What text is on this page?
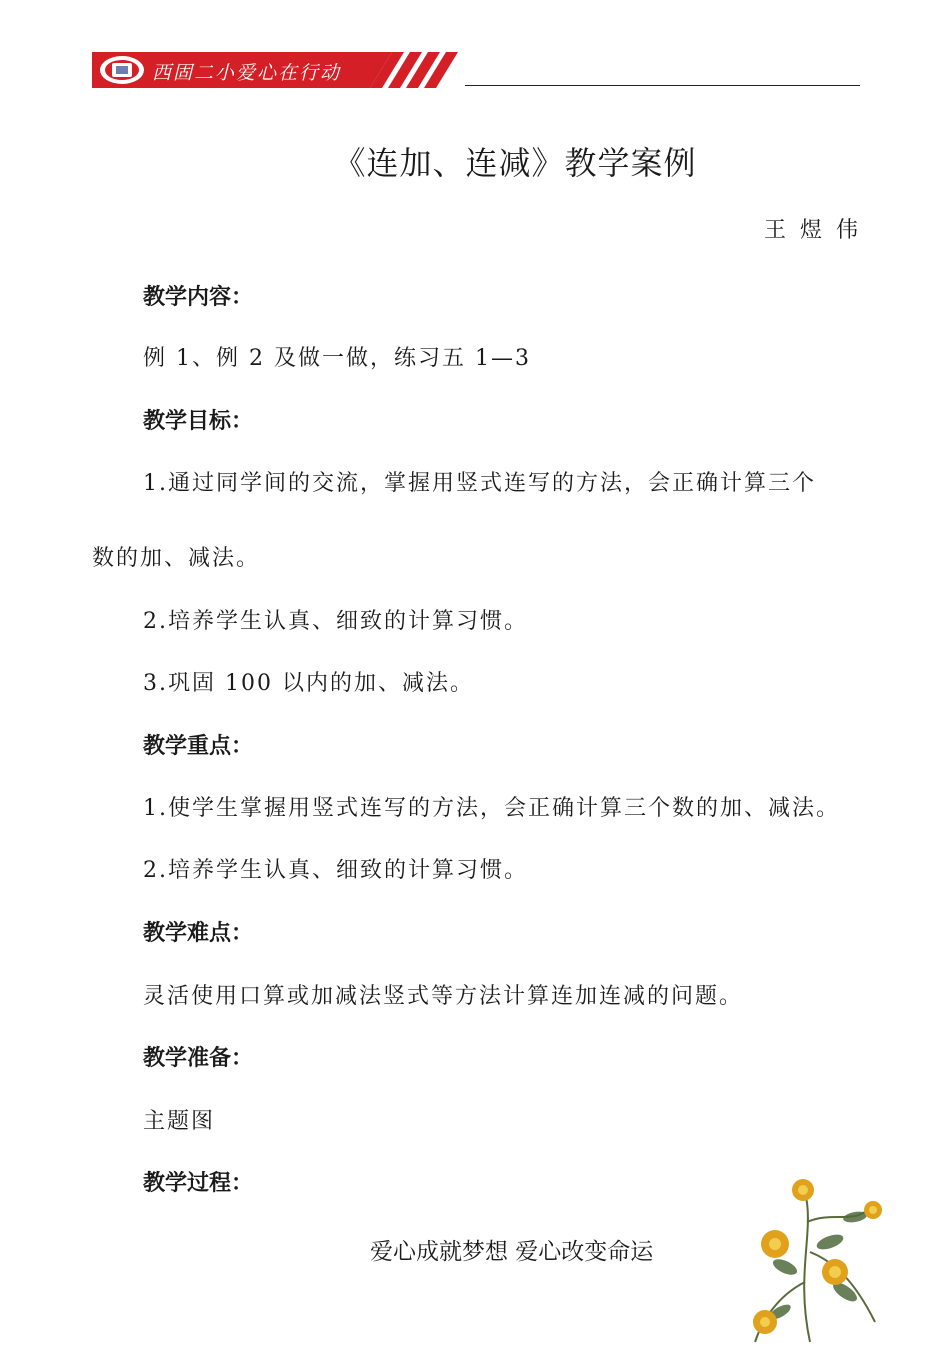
西固二小爱心在行动
《连加、连减》教学案例
王煜伟
教学内容：
例 1、例 2 及做一做，练习五 1—3
教学目标：
1.通过同学间的交流，掌握用竖式连写的方法，会正确计算三个
数的加、减法。
2.培养学生认真、细致的计算习惯。
3.巩固 100 以内的加、减法。
教学重点：
1.使学生掌握用竖式连写的方法，会正确计算三个数的加、减法。
2.培养学生认真、细致的计算习惯。
教学难点：
灵活使用口算或加减法竖式等方法计算连加连减的问题。
教学准备：
主题图
教学过程：
爱心成就梦想 爱心改变命运
